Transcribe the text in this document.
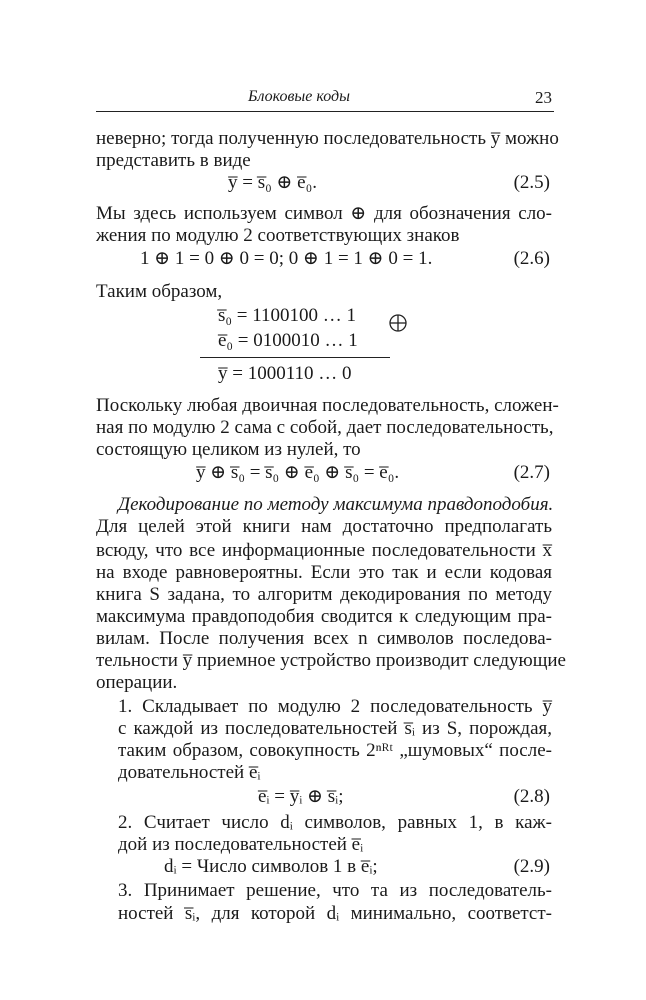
Блоковые коды	23
неверно; тогда полученную последовательность y̅ можно
представить в виде
y̅ = s̅₀ ⊕ e̅₀.	(2.5)
Мы здесь используем символ ⊕ для обозначения сло-
жения по модулю 2 соответствующих знаков
1 ⊕ 1 = 0 ⊕ 0 = 0; 0 ⊕ 1 = 1 ⊕ 0 = 1.	(2.6)
Таким образом,
s̅₀ = 1100100 … 1
e̅₀ = 0100010 … 1
y̅ = 1000110 … 0
Поскольку любая двоичная последовательность, сложен-
ная по модулю 2 сама с собой, дает последовательность,
состоящую целиком из нулей, то
y̅ ⊕ s̅₀ = s̅₀ ⊕ e̅₀ ⊕ s̅₀ = e̅₀.	(2.7)
Декодирование по методу максимума правдоподобия.
Для целей этой книги нам достаточно предполагать
всюду, что все информационные последовательности x̅
на входе равновероятны. Если это так и если кодовая
книга S задана, то алгоритм декодирования по методу
максимума правдоподобия сводится к следующим пра-
вилам. После получения всех n символов последова-
тельности y̅ приемное устройство производит следующие
операции.
1. Складывает по модулю 2 последовательность y̅
с каждой из последовательностей s̅ᵢ из S, порождая,
таким образом, совокупность 2ⁿᴿᵗ „шумовых“ после-
довательностей e̅ᵢ
e̅ᵢ = y̅ᵢ ⊕ s̅ᵢ;	(2.8)
2. Считает число dᵢ символов, равных 1, в каж-
дой из последовательностей e̅ᵢ
dᵢ = Число символов 1 в e̅ᵢ;	(2.9)
3. Принимает решение, что та из последователь-
ностей s̅ᵢ, для которой dᵢ минимально, соответст-
